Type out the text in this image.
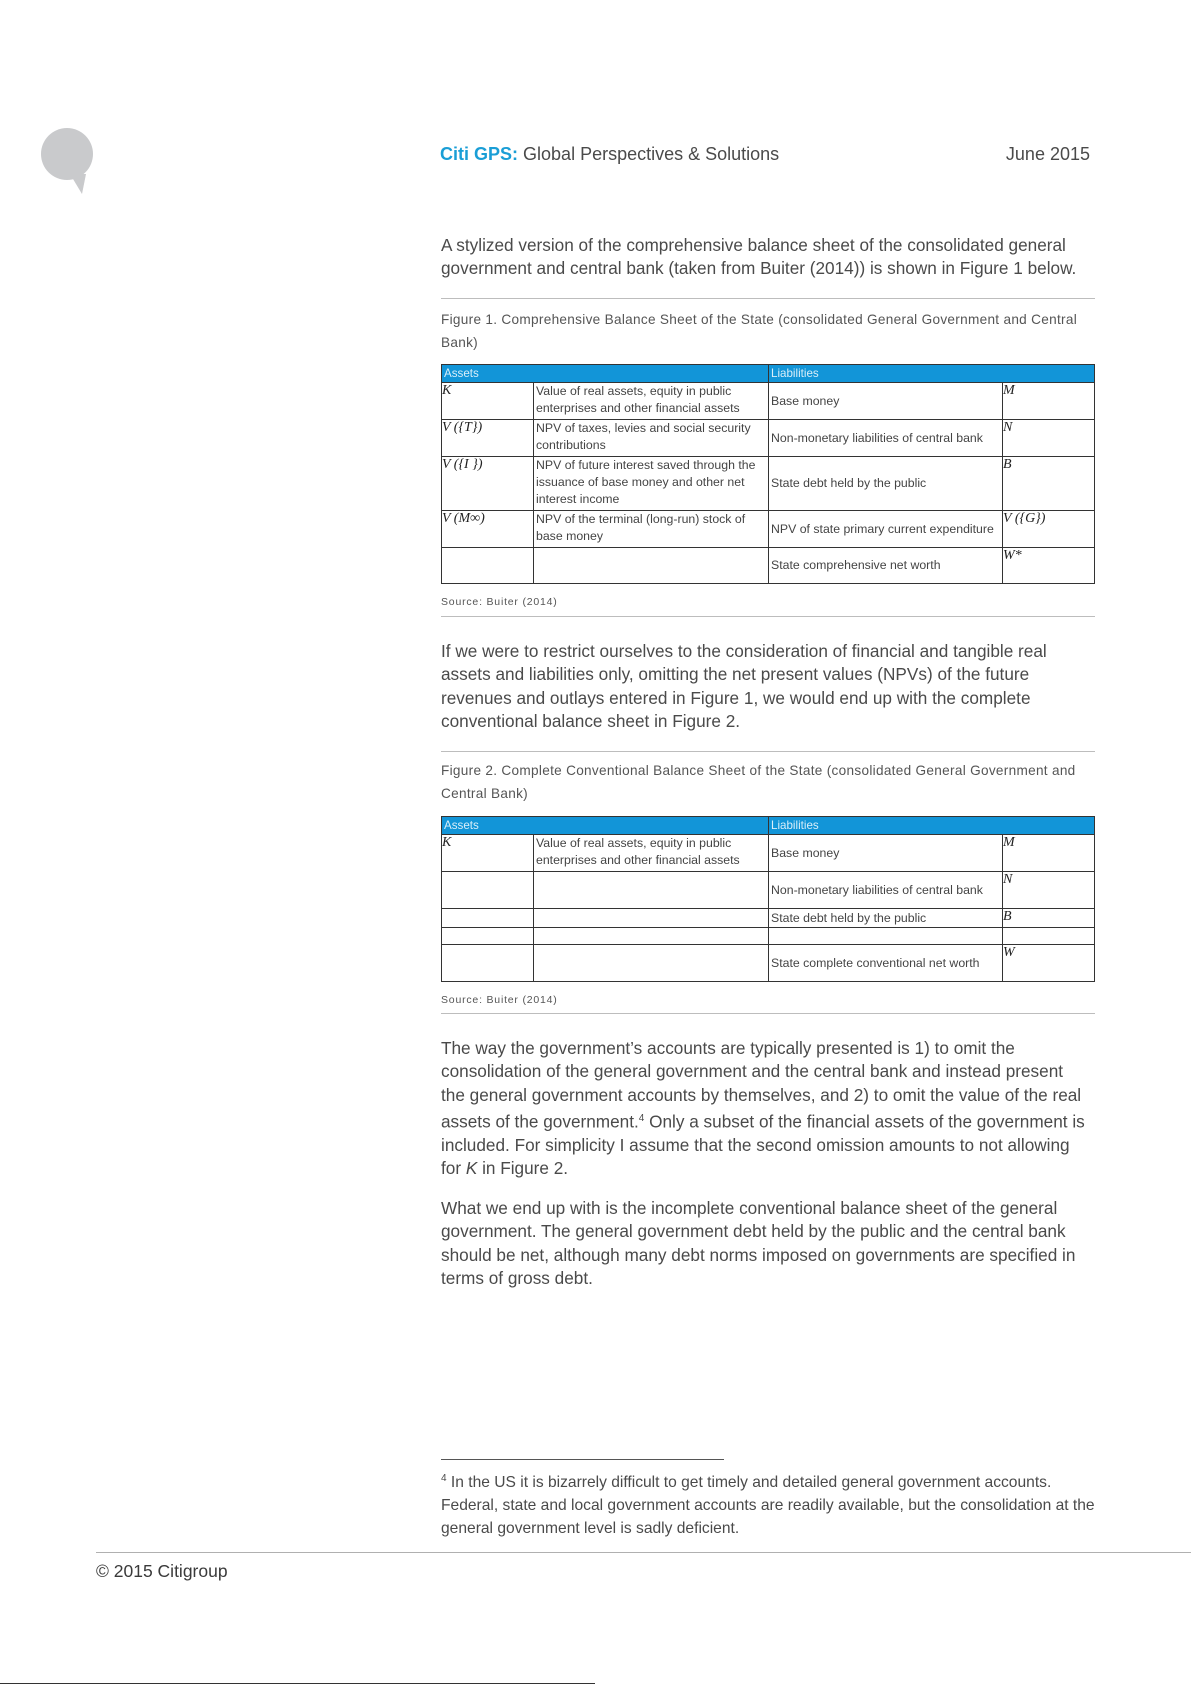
Citi GPS: Global Perspectives & Solutions	June 2015

A stylized version of the comprehensive balance sheet of the consolidated general government and central bank (taken from Buiter (2014)) is shown in Figure 1 below.

Figure 1. Comprehensive Balance Sheet of the State (consolidated General Government and Central Bank)
Assets		Liabilities	
K	Value of real assets, equity in public enterprises and other financial assets	Base money	M
V ({T})	NPV of taxes, levies and social security contributions	Non-monetary liabilities of central bank	N
V ({I })	NPV of future interest saved through the issuance of base money and other net interest income	State debt held by the public	B
V (M∞)	NPV of the terminal (long-run) stock of base money	NPV of state primary current expenditure	V ({G})
		State comprehensive net worth	W*
Source: Buiter (2014)

If we were to restrict ourselves to the consideration of financial and tangible real assets and liabilities only, omitting the net present values (NPVs) of the future revenues and outlays entered in Figure 1, we would end up with the complete conventional balance sheet in Figure 2.

Figure 2. Complete Conventional Balance Sheet of the State (consolidated General Government and Central Bank)
Assets		Liabilities	
K	Value of real assets, equity in public enterprises and other financial assets	Base money	M
		Non-monetary liabilities of central bank	N
		State debt held by the public	B

		State complete conventional net worth	W
Source: Buiter (2014)

The way the government’s accounts are typically presented is 1) to omit the consolidation of the general government and the central bank and instead present the general government accounts by themselves, and 2) to omit the value of the real assets of the government.$^4$ Only a subset of the financial assets of the government is included. For simplicity I assume that the second omission amounts to not allowing for K in Figure 2.

What we end up with is the incomplete conventional balance sheet of the general government. The general government debt held by the public and the central bank should be net, although many debt norms imposed on governments are specified in terms of gross debt.

$^4$ In the US it is bizarrely difficult to get timely and detailed general government accounts. Federal, state and local government accounts are readily available, but the consolidation at the general government level is sadly deficient.
© 2015 Citigroup
